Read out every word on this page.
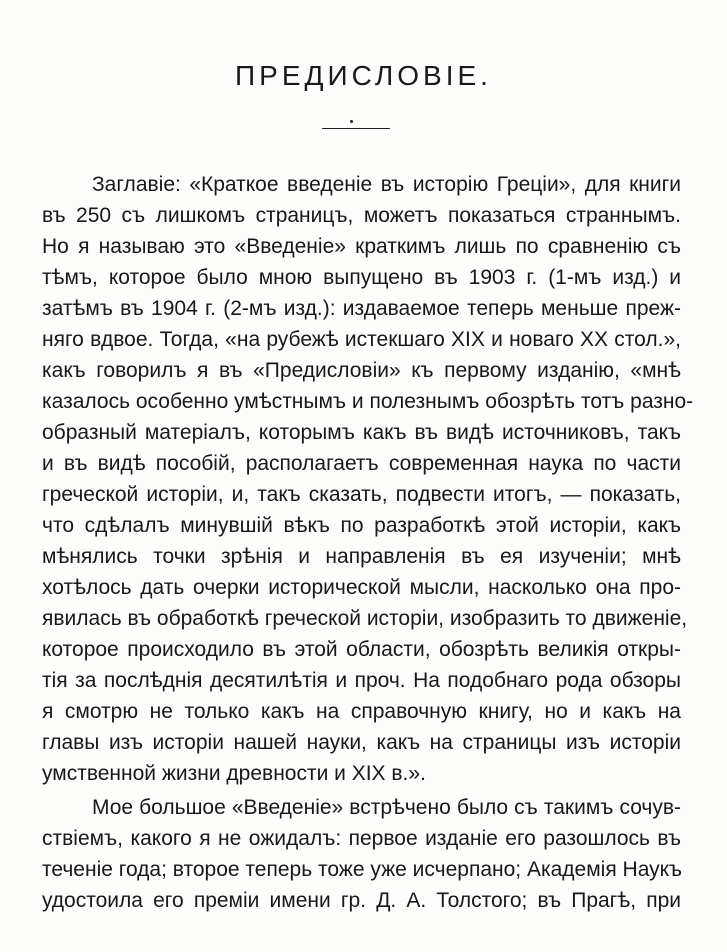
ПРЕДИСЛОВІЕ.
Заглавіе: «Краткое введеніе въ исторію Греціи», для книги
въ 250 съ лишкомъ страницъ, можетъ показаться страннымъ.
Но я называю это «Введеніе» краткимъ лишь по сравненію съ
тѣмъ, которое было мною выпущено въ 1903 г. (1-мъ изд.) и
затѣмъ въ 1904 г. (2-мъ изд.): издаваемое теперь меньше преж-
няго вдвое. Тогда, «на рубежѣ истекшаго XIX и новаго XX стол.»,
какъ говорилъ я въ «Предисловіи» къ первому изданію, «мнѣ
казалось особенно умѣстнымъ и полезнымъ обозрѣть тотъ разно-
образный матеріалъ, которымъ какъ въ видѣ источниковъ, такъ
и въ видѣ пособій, располагаетъ современная наука по части
греческой исторіи, и, такъ сказать, подвести итогъ, — показать,
что сдѣлалъ минувшій вѣкъ по разработкѣ этой исторіи, какъ
мѣнялись точки зрѣнія и направленія въ ея изученіи; мнѣ
хотѣлось дать очерки исторической мысли, насколько она про-
явилась въ обработкѣ греческой исторіи, изобразить то движеніе,
которое происходило въ этой области, обозрѣть великія откры-
тія за послѣднія десятилѣтія и проч. На подобнаго рода обзоры
я смотрю не только какъ на справочную книгу, но и какъ на
главы изъ исторіи нашей науки, какъ на страницы изъ исторіи
умственной жизни древности и XIX в.».
Мое большое «Введеніе» встрѣчено было съ такимъ сочув-
ствіемъ, какого я не ожидалъ: первое изданіе его разошлось въ
теченіе года; второе теперь тоже уже исчерпано; Академія Наукъ
удостоила его преміи имени гр. Д. А. Толстого; въ Прагѣ, при
